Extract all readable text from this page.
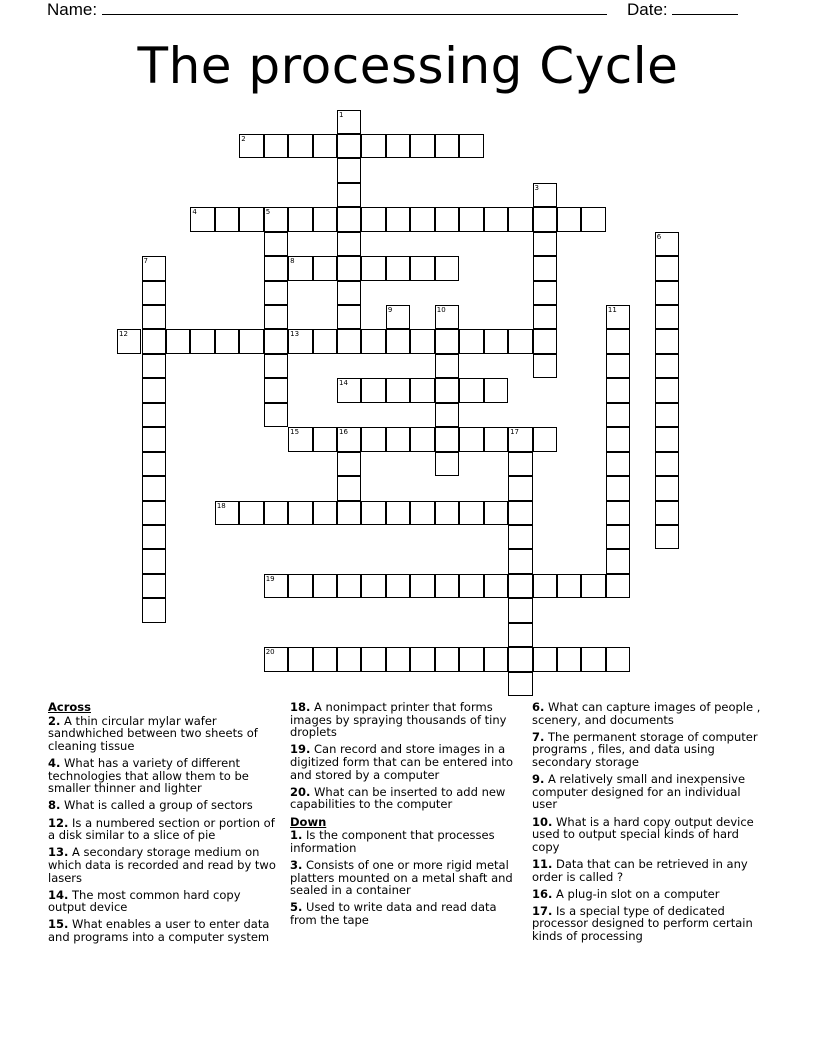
Name:	Date:
The processing Cycle
1
2
3
4	5
6
7	8
9	10	11
12	13
14
15	16	17
18
19
20
Across
2. A thin circular mylar wafer sandwhiched between two sheets of cleaning tissue
4. What has a variety of different technologies that allow them to be smaller thinner and lighter
8. What is called a group of sectors
12. Is a numbered section or portion of a disk similar to a slice of pie
13. A secondary storage medium on which data is recorded and read by two lasers
14. The most common hard copy output device
15. What enables a user to enter data and programs into a computer system
18. A nonimpact printer that forms images by spraying thousands of tiny droplets
19. Can record and store images in a digitized form that can be entered into and stored by a computer
20. What can be inserted to add new capabilities to the computer
Down
1. Is the component that processes information
3. Consists of one or more rigid metal platters mounted on a metal shaft and sealed in a container
5. Used to write data and read data from the tape
6. What can capture images of people , scenery, and documents
7. The permanent storage of computer programs , files, and data using secondary storage
9. A relatively small and inexpensive computer designed for an individual user
10. What is a hard copy output device used to output special kinds of hard copy
11. Data that can be retrieved in any order is called ?
16. A plug-in slot on a computer
17. Is a special type of dedicated processor designed to perform certain kinds of processing
